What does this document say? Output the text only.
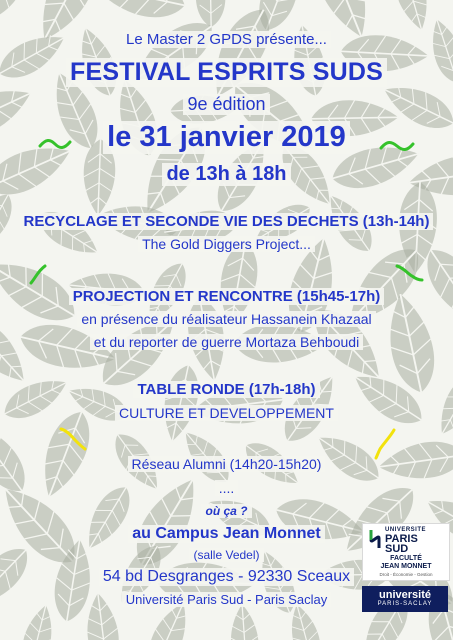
Le Master 2 GPDS présente...
FESTIVAL ESPRITS SUDS
9e édition
le 31 janvier 2019
de 13h à 18h
RECYCLAGE ET SECONDE VIE DES DECHETS (13h-14h)
The Gold Diggers Project...
PROJECTION ET RENCONTRE (15h45-17h)
en présence du réalisateur Hassanein Khazaal
et du reporter de guerre Mortaza Behboudi
TABLE RONDE (17h-18h)
CULTURE ET DEVELOPPEMENT
Réseau Alumni (14h20-15h20)
....
où ça ?
au Campus Jean Monnet
(salle Vedel)
54 bd Desgranges - 92330 Sceaux
Université Paris Sud - Paris Saclay
UNIVERSITE
PARIS
SUD
FACULTÉ
JEAN MONNET
Droit - Économie - Gestion
université
PARIS-SACLAY
